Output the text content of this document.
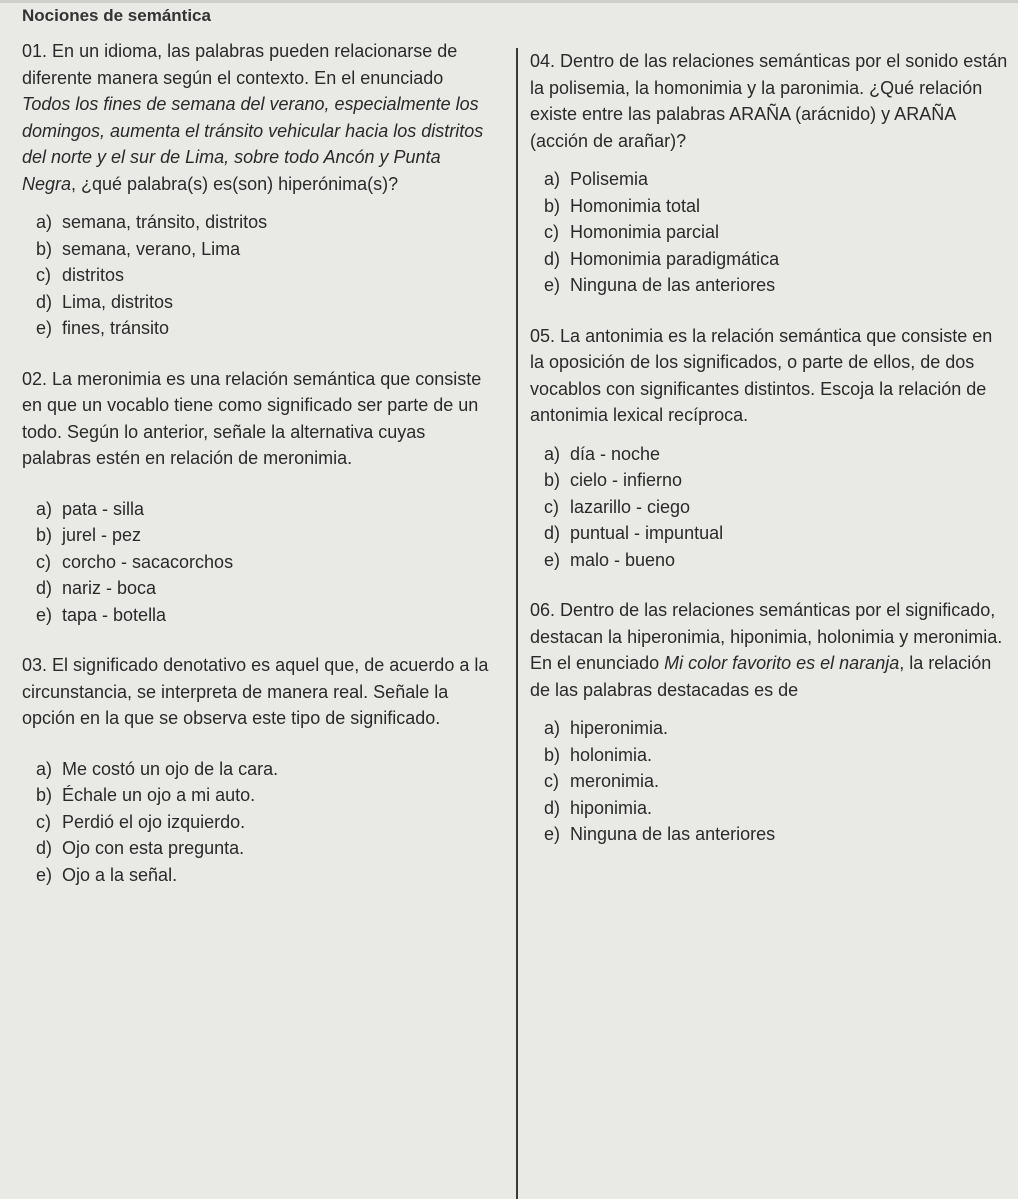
Nociones de semántica
01. En un idioma, las palabras pueden relacionarse de diferente manera según el contexto. En el enunciado Todos los fines de semana del verano, especialmente los domingos, aumenta el tránsito vehicular hacia los distritos del norte y el sur de Lima, sobre todo Ancón y Punta Negra, ¿qué palabra(s) es(son) hiperónima(s)?
a) semana, tránsito, distritos
b) semana, verano, Lima
c) distritos
d) Lima, distritos
e) fines, tránsito
02. La meronimia es una relación semántica que consiste en que un vocablo tiene como significado ser parte de un todo. Según lo anterior, señale la alternativa cuyas palabras estén en relación de meronimia.
a) pata - silla
b) jurel - pez
c) corcho - sacacorchos
d) nariz - boca
e) tapa - botella
03. El significado denotativo es aquel que, de acuerdo a la circunstancia, se interpreta de manera real. Señale la opción en la que se observa este tipo de significado.
a) Me costó un ojo de la cara.
b) Échale un ojo a mi auto.
c) Perdió el ojo izquierdo.
d) Ojo con esta pregunta.
e) Ojo a la señal.
04. Dentro de las relaciones semánticas por el sonido están la polisemia, la homonimia y la paronimia. ¿Qué relación existe entre las palabras ARAÑA (arácnido) y ARAÑA (acción de arañar)?
a) Polisemia
b) Homonimia total
c) Homonimia parcial
d) Homonimia paradigmática
e) Ninguna de las anteriores
05. La antonimia es la relación semántica que consiste en la oposición de los significados, o parte de ellos, de dos vocablos con significantes distintos. Escoja la relación de antonimia lexical recíproca.
a) día - noche
b) cielo - infierno
c) lazarillo - ciego
d) puntual - impuntual
e) malo - bueno
06. Dentro de las relaciones semánticas por el significado, destacan la hiperonimia, hiponimia, holonimia y meronimia. En el enunciado Mi color favorito es el naranja, la relación de las palabras destacadas es de
a) hiperonimia.
b) holonimia.
c) meronimia.
d) hiponimia.
e) Ninguna de las anteriores
